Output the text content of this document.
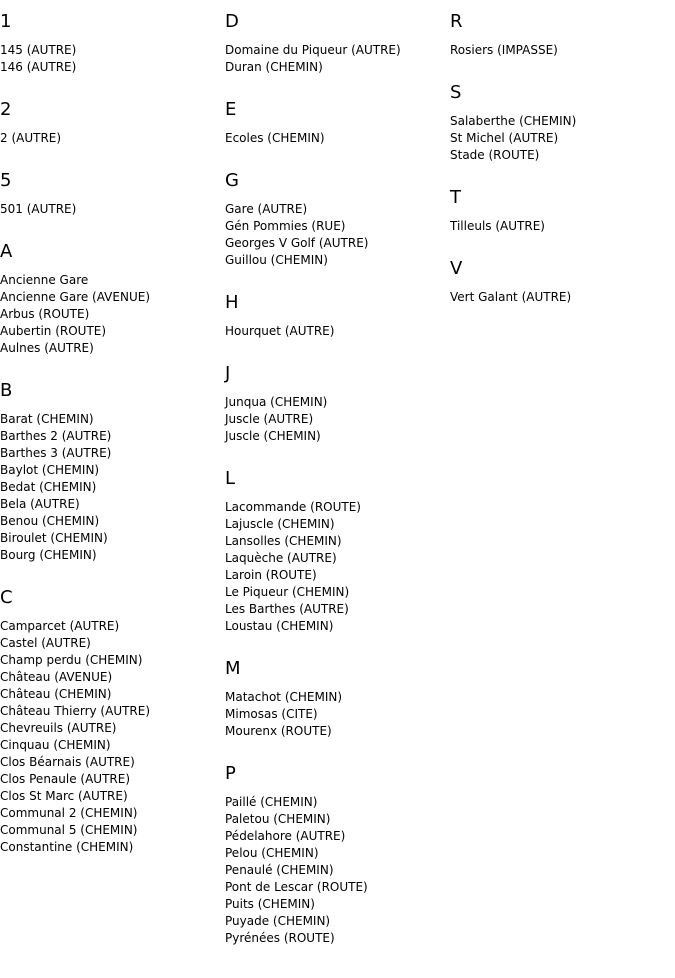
1
145 (AUTRE)
146 (AUTRE)
2
2 (AUTRE)
5
501 (AUTRE)
A
Ancienne Gare
Ancienne Gare (AVENUE)
Arbus (ROUTE)
Aubertin (ROUTE)
Aulnes (AUTRE)
B
Barat (CHEMIN)
Barthes 2 (AUTRE)
Barthes 3 (AUTRE)
Baylot (CHEMIN)
Bedat (CHEMIN)
Bela (AUTRE)
Benou (CHEMIN)
Biroulet (CHEMIN)
Bourg (CHEMIN)
C
Camparcet (AUTRE)
Castel (AUTRE)
Champ perdu (CHEMIN)
Château (AVENUE)
Château (CHEMIN)
Château Thierry (AUTRE)
Chevreuils (AUTRE)
Cinquau (CHEMIN)
Clos Béarnais (AUTRE)
Clos Penaule (AUTRE)
Clos St Marc (AUTRE)
Communal 2 (CHEMIN)
Communal 5 (CHEMIN)
Constantine (CHEMIN)
D
Domaine du Piqueur (AUTRE)
Duran (CHEMIN)
E
Ecoles (CHEMIN)
G
Gare (AUTRE)
Gén Pommies (RUE)
Georges V Golf (AUTRE)
Guillou (CHEMIN)
H
Hourquet (AUTRE)
J
Junqua (CHEMIN)
Juscle (AUTRE)
Juscle (CHEMIN)
L
Lacommande (ROUTE)
Lajuscle (CHEMIN)
Lansolles (CHEMIN)
Laquèche (AUTRE)
Laroin (ROUTE)
Le Piqueur (CHEMIN)
Les Barthes (AUTRE)
Loustau (CHEMIN)
M
Matachot (CHEMIN)
Mimosas (CITE)
Mourenx (ROUTE)
P
Paillé (CHEMIN)
Paletou (CHEMIN)
Pédelahore (AUTRE)
Pelou (CHEMIN)
Penaulé (CHEMIN)
Pont de Lescar (ROUTE)
Puits (CHEMIN)
Puyade (CHEMIN)
Pyrénées (ROUTE)
R
Rosiers (IMPASSE)
S
Salaberthe (CHEMIN)
St Michel (AUTRE)
Stade (ROUTE)
T
Tilleuls (AUTRE)
V
Vert Galant (AUTRE)
